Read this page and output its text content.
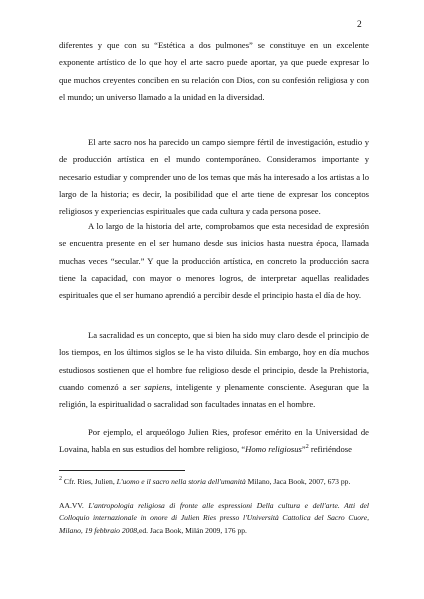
2

diferentes y que con su “Estética a dos pulmones” se constituye en un excelente exponente artístico de lo que hoy el arte sacro puede aportar, ya que puede expresar lo que muchos creyentes conciben en su relación con Dios, con su confesión religiosa y con el mundo; un universo llamado a la unidad en la diversidad.

El arte sacro nos ha parecido un campo siempre fértil de investigación, estudio y de producción artística en el mundo contemporáneo. Consideramos importante y necesario estudiar y comprender uno de los temas que más ha interesado a los artistas a lo largo de la historia; es decir, la posibilidad que el arte tiene de expresar los conceptos religiosos y experiencias espirituales que cada cultura y cada persona posee.

A lo largo de la historia del arte, comprobamos que esta necesidad de expresión se encuentra presente en el ser humano desde sus inicios hasta nuestra época, llamada muchas veces “secular.” Y que la producción artística, en concreto la producción sacra tiene la capacidad, con mayor o menores logros, de interpretar aquellas realidades espirituales que el ser humano aprendió a percibir desde el principio hasta el día de hoy.

La sacralidad es un concepto, que si bien ha sido muy claro desde el principio de los tiempos, en los últimos siglos se le ha visto diluida. Sin embargo, hoy en día muchos estudiosos sostienen que el hombre fue religioso desde el principio, desde la Prehistoria, cuando comenzó a ser sapiens, inteligente y plenamente consciente. Aseguran que la religión, la espiritualidad o sacralidad son facultades innatas en el hombre.

Por ejemplo, el arqueólogo Julien Ries, profesor emérito en la Universidad de Lovaina, habla en sus estudios del hombre religioso, “Homo religiosus”$^2$ refiriéndose

$^2$ Cfr. Ries, Julien, L'uomo e il sacro nella storia dell'umanità Milano, Jaca Book, 2007, 673 pp.

AA.VV. L'antropologia religiosa di fronte alle espressioni Della cultura e dell'arte. Atti del Colloquio internazionale in onore di Julien Ries presso l'Università Cattolica del Sacro Cuore, Milano, 19 febbraio 2008,ed. Jaca Book, Milán 2009, 176 pp.
